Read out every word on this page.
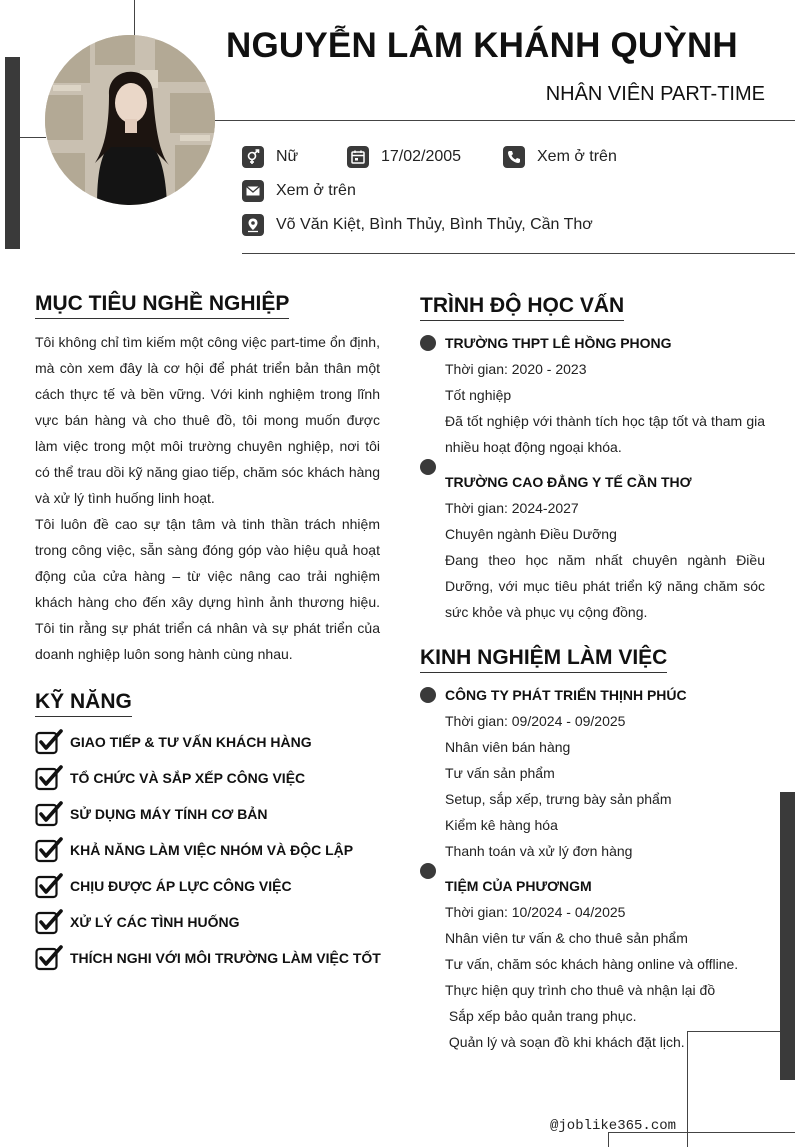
NGUYỄN LÂM KHÁNH QUỲNH
NHÂN VIÊN PART-TIME
Nữ	17/02/2005	Xem ở trên
Xem ở trên
Võ Văn Kiệt, Bình Thủy, Bình Thủy, Cần Thơ
MỤC TIÊU NGHỀ NGHIỆP
Tôi không chỉ tìm kiếm một công việc part-time ổn định, mà còn xem đây là cơ hội để phát triển bản thân một cách thực tế và bền vững. Với kinh nghiệm trong lĩnh vực bán hàng và cho thuê đồ, tôi mong muốn được làm việc trong một môi trường chuyên nghiệp, nơi tôi có thể trau dồi kỹ năng giao tiếp, chăm sóc khách hàng và xử lý tình huống linh hoạt.
Tôi luôn đề cao sự tận tâm và tinh thần trách nhiệm trong công việc, sẵn sàng đóng góp vào hiệu quả hoạt động của cửa hàng – từ việc nâng cao trải nghiệm khách hàng cho đến xây dựng hình ảnh thương hiệu. Tôi tin rằng sự phát triển cá nhân và sự phát triển của doanh nghiệp luôn song hành cùng nhau.
KỸ NĂNG
GIAO TIẾP & TƯ VẤN KHÁCH HÀNG
TỔ CHỨC VÀ SẮP XẾP CÔNG VIỆC
SỬ DỤNG MÁY TÍNH CƠ BẢN
KHẢ NĂNG LÀM VIỆC NHÓM VÀ ĐỘC LẬP
CHỊU ĐƯỢC ÁP LỰC CÔNG VIỆC
XỬ LÝ CÁC TÌNH HUỐNG
THÍCH NGHI VỚI MÔI TRƯỜNG LÀM VIỆC TỐT
TRÌNH ĐỘ HỌC VẤN
TRƯỜNG THPT LÊ HỒNG PHONG
Thời gian: 2020 - 2023
Tốt nghiệp
Đã tốt nghiệp với thành tích học tập tốt và tham gia nhiều hoạt động ngoại khóa.
TRƯỜNG CAO ĐẲNG Y TẾ CẦN THƠ
Thời gian: 2024-2027
Chuyên ngành Điều Dưỡng
Đang theo học năm nhất chuyên ngành Điều Dưỡng, với mục tiêu phát triển kỹ năng chăm sóc sức khỏe và phục vụ cộng đồng.
KINH NGHIỆM LÀM VIỆC
CÔNG TY PHÁT TRIỂN THỊNH PHÚC
Thời gian: 09/2024 - 09/2025
Nhân viên bán hàng
Tư vấn sản phẩm
Setup, sắp xếp, trưng bày sản phẩm
Kiểm kê hàng hóa
Thanh toán và xử lý đơn hàng
TIỆM CỦA PHƯƠNGM
Thời gian: 10/2024 - 04/2025
Nhân viên tư vấn & cho thuê sản phẩm
Tư vấn, chăm sóc khách hàng online và offline.
Thực hiện quy trình cho thuê và nhận lại đồ
Sắp xếp bảo quản trang phục.
Quản lý và soạn đồ khi khách đặt lịch.
@joblike365.com
